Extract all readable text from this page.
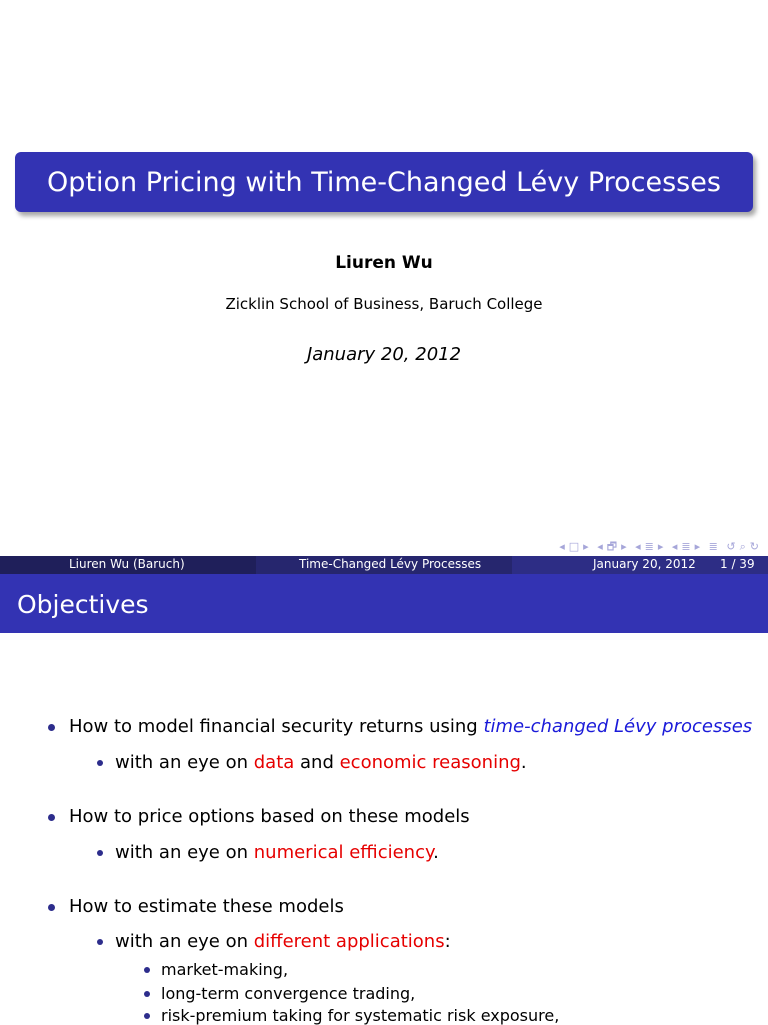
Option Pricing with Time-Changed Lévy Processes
Liuren Wu
Zicklin School of Business, Baruch College
January 20, 2012
◂ □ ▸ ◂ 🗗 ▸ ◂ ≣ ▸ ◂ ≣ ▸ ≣ ↺ ⌕ ↻
Liuren Wu (Baruch)	Time-Changed Lévy Processes	January 20, 2012 1 / 39
Objectives
How to model financial security returns using time-changed Lévy processes
with an eye on data and economic reasoning.
How to price options based on these models
with an eye on numerical efficiency.
How to estimate these models
with an eye on different applications:
market-making,
long-term convergence trading,
risk-premium taking for systematic risk exposure,
